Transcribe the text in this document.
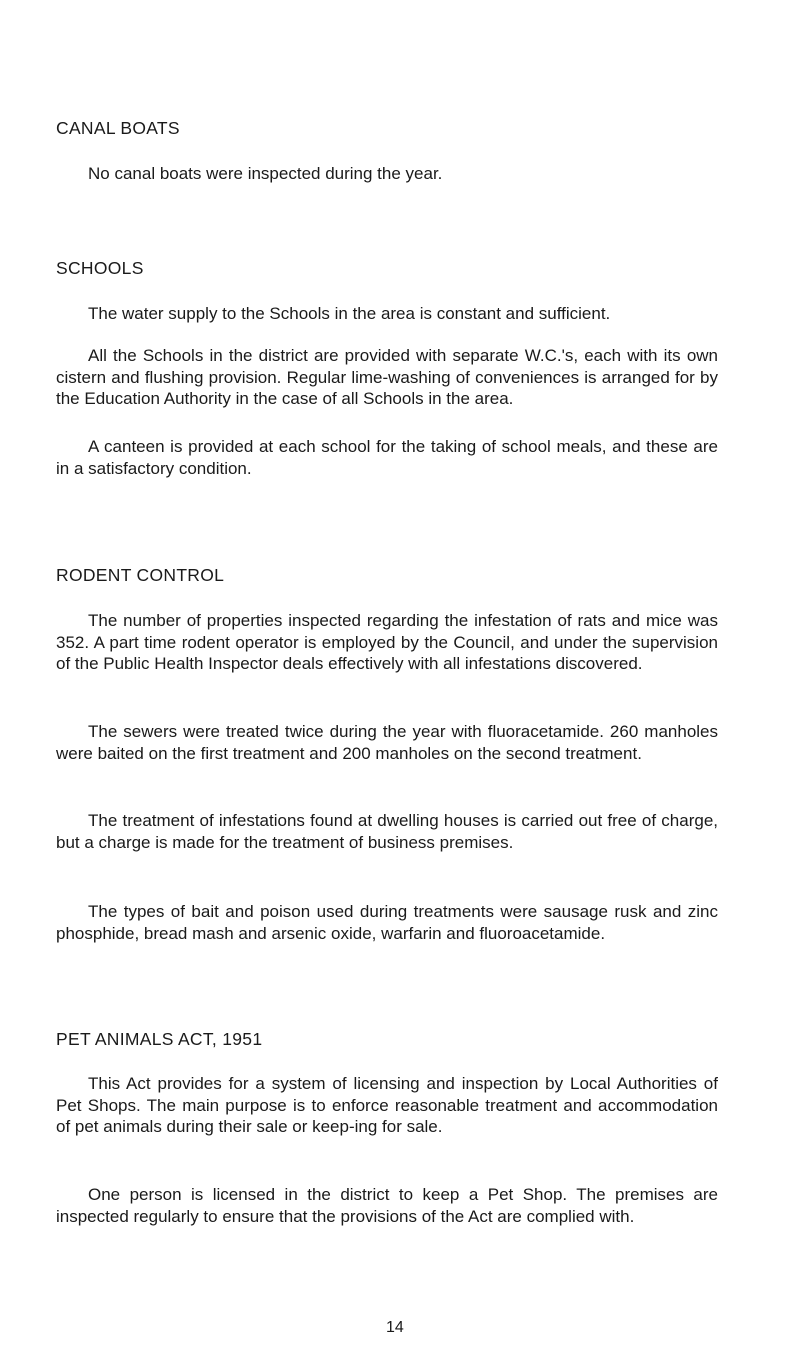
CANAL BOATS

No canal boats were inspected during the year.

SCHOOLS

The water supply to the Schools in the area is constant and sufficient.

All the Schools in the district are provided with separate W.C.'s, each with its own cistern and flushing provision. Regular lime-washing of conveniences is arranged for by the Education Authority in the case of all Schools in the area.

A canteen is provided at each school for the taking of school meals, and these are in a satisfactory condition.

RODENT CONTROL

The number of properties inspected regarding the infestation of rats and mice was 352. A part time rodent operator is employed by the Council, and under the supervision of the Public Health Inspector deals effectively with all infestations discovered.

The sewers were treated twice during the year with fluoracetamide. 260 manholes were baited on the first treatment and 200 manholes on the second treatment.

The treatment of infestations found at dwelling houses is carried out free of charge, but a charge is made for the treatment of business premises.

The types of bait and poison used during treatments were sausage rusk and zinc phosphide, bread mash and arsenic oxide, warfarin and fluoroacetamide.

PET ANIMALS ACT, 1951

This Act provides for a system of licensing and inspection by Local Authorities of Pet Shops. The main purpose is to enforce reasonable treatment and accommodation of pet animals during their sale or keep-ing for sale.

One person is licensed in the district to keep a Pet Shop. The premises are inspected regularly to ensure that the provisions of the Act are complied with.

14
